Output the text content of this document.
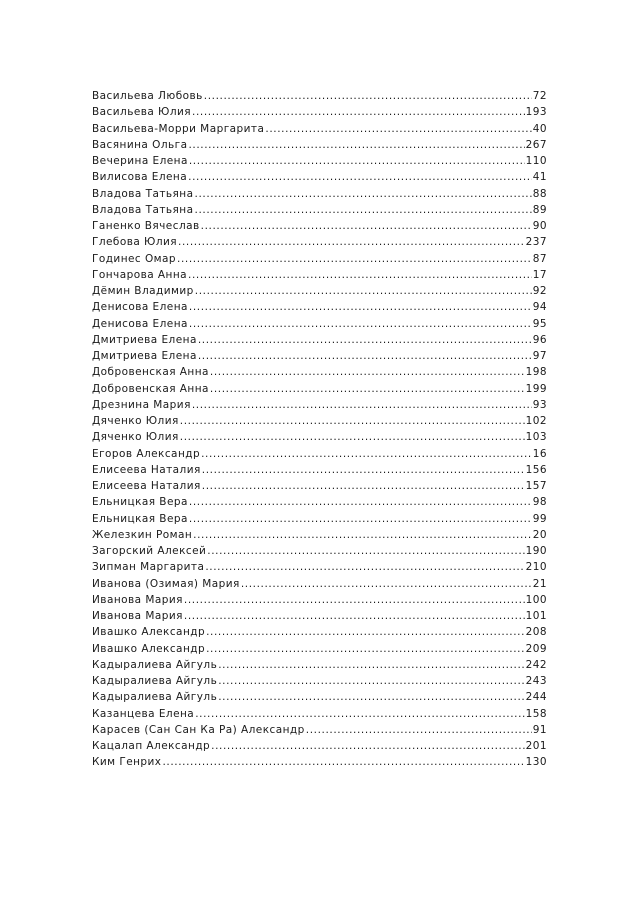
Васильева Любовь .....	72
Васильева Юлия .....	193
Васильева-Морри Маргарита .....	40
Васянина Ольга .....	267
Вечерина Елена .....	110
Вилисова Елена .....	41
Владова Татьяна .....	88
Владова Татьяна .....	89
Ганенко Вячеслав .....	90
Глебова Юлия .....	237
Годинес Омар .....	87
Гончарова Анна .....	17
Дёмин Владимир .....	92
Денисова Елена .....	94
Денисова Елена .....	95
Дмитриева Елена .....	96
Дмитриева Елена .....	97
Добровенская Анна .....	198
Добровенская Анна .....	199
Дрезнина Мария .....	93
Дяченко Юлия .....	102
Дяченко Юлия .....	103
Егоров Александр .....	16
Елисеева Наталия .....	156
Елисеева Наталия .....	157
Ельницкая Вера .....	98
Ельницкая Вера .....	99
Железкин Роман .....	20
Загорский Алексей .....	190
Зипман Маргарита .....	210
Иванова (Озимая) Мария .....	21
Иванова Мария .....	100
Иванова Мария .....	101
Ивашко Александр .....	208
Ивашко Александр .....	209
Кадыралиева Айгуль .....	242
Кадыралиева Айгуль .....	243
Кадыралиева Айгуль .....	244
Казанцева Елена .....	158
Карасев (Сан Сан Ка Ра) Александр .....	91
Кацалап Александр .....	201
Ким Генрих .....	130
